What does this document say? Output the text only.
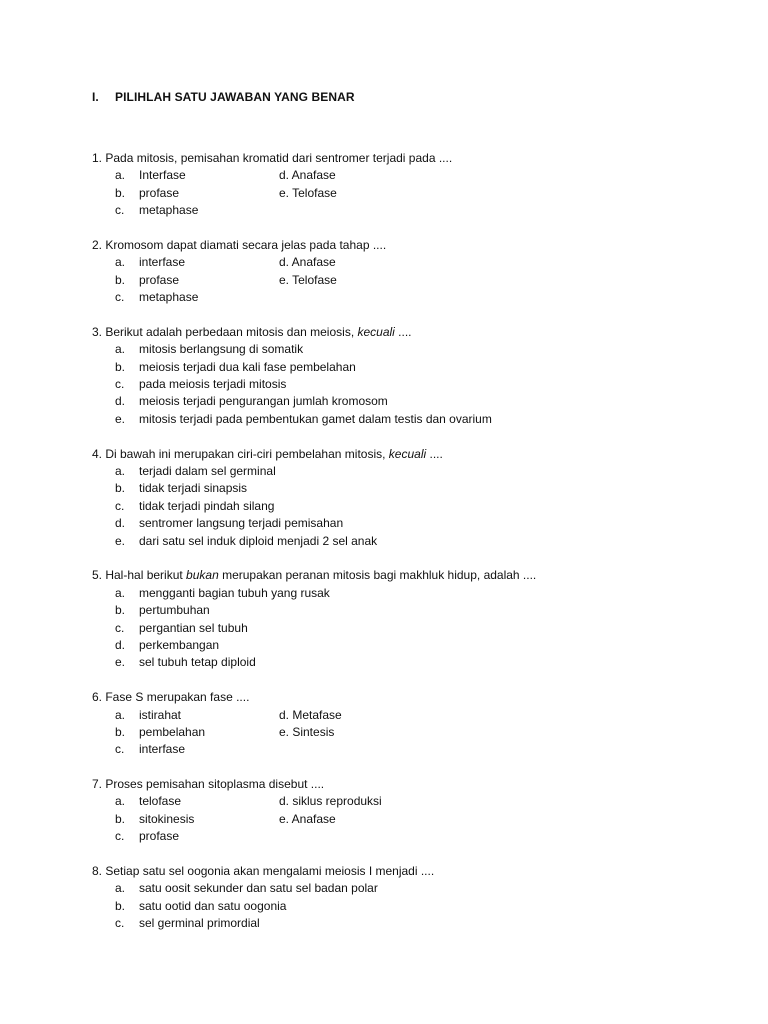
I. PILIHLAH SATU JAWABAN YANG BENAR
1. Pada mitosis, pemisahan kromatid dari sentromer terjadi pada ....
a. Interfase	d. Anafase
b. profase	e. Telofase
c. metaphase
2. Kromosom dapat diamati secara jelas pada tahap ....
a. interfase	d. Anafase
b. profase	e. Telofase
c. metaphase
3. Berikut adalah perbedaan mitosis dan meiosis, kecuali ....
a. mitosis berlangsung di somatik
b. meiosis terjadi dua kali fase pembelahan
c. pada meiosis terjadi mitosis
d. meiosis terjadi pengurangan jumlah kromosom
e. mitosis terjadi pada pembentukan gamet dalam testis dan ovarium
4. Di bawah ini merupakan ciri-ciri pembelahan mitosis, kecuali ....
a. terjadi dalam sel germinal
b. tidak terjadi sinapsis
c. tidak terjadi pindah silang
d. sentromer langsung terjadi pemisahan
e. dari satu sel induk diploid menjadi 2 sel anak
5. Hal-hal berikut bukan merupakan peranan mitosis bagi makhluk hidup, adalah ....
a. mengganti bagian tubuh yang rusak
b. pertumbuhan
c. pergantian sel tubuh
d. perkembangan
e. sel tubuh tetap diploid
6. Fase S merupakan fase ....
a. istirahat	d. Metafase
b. pembelahan	e. Sintesis
c. interfase
7. Proses pemisahan sitoplasma disebut ....
a. telofase	d. siklus reproduksi
b. sitokinesis	e. Anafase
c. profase
8. Setiap satu sel oogonia akan mengalami meiosis I menjadi ....
a. satu oosit sekunder dan satu sel badan polar
b. satu ootid dan satu oogonia
c. sel germinal primordial
